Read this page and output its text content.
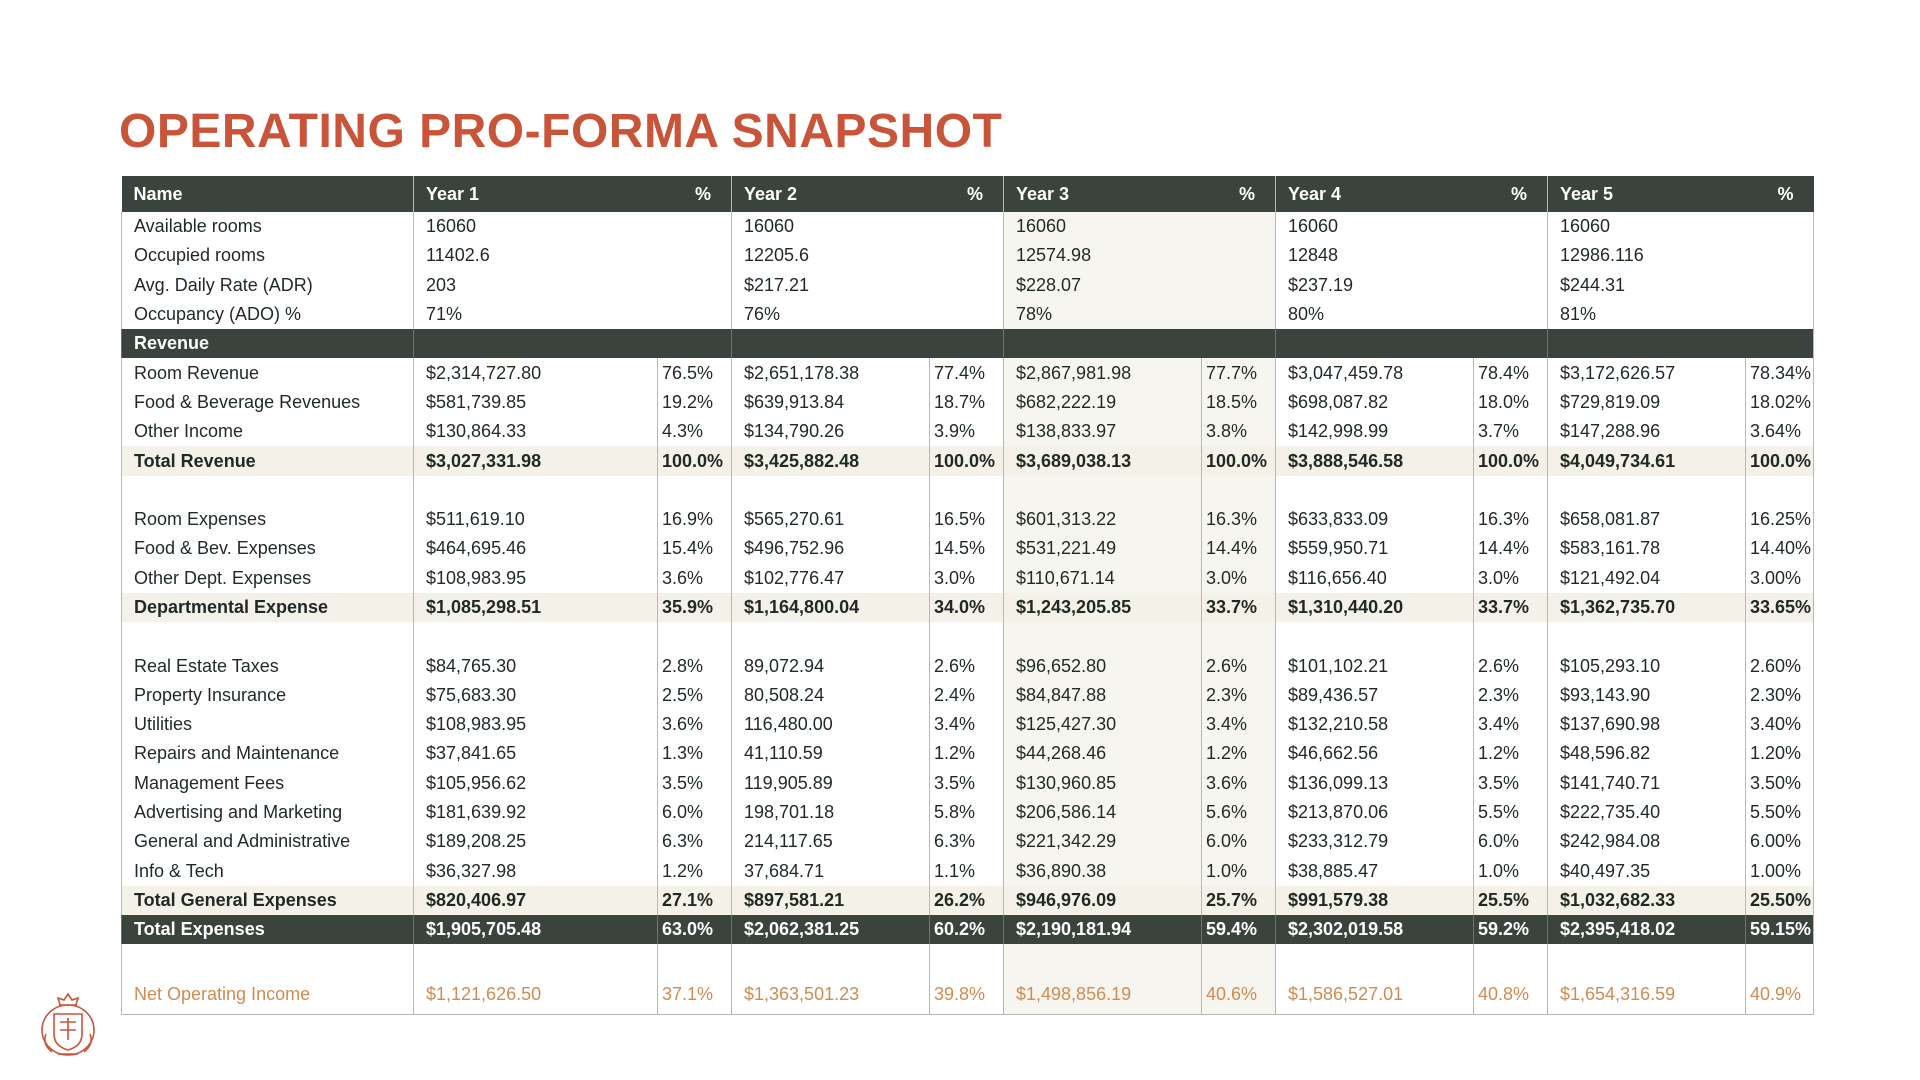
OPERATING PRO-FORMA SNAPSHOT
Name	Year 1	%	Year 2	%	Year 3	%	Year 4	%	Year 5	%
Available rooms	16060		16060		16060		16060		16060	
Occupied rooms	11402.6		12205.6		12574.98		12848		12986.116	
Avg. Daily Rate (ADR)	203		$217.21		$228.07		$237.19		$244.31	
Occupancy (ADO) %	71%		76%		78%		80%		81%	
Revenue										
Room Revenue	$2,314,727.80	76.5%	$2,651,178.38	77.4%	$2,867,981.98	77.7%	$3,047,459.78	78.4%	$3,172,626.57	78.34%
Food & Beverage Revenues	$581,739.85	19.2%	$639,913.84	18.7%	$682,222.19	18.5%	$698,087.82	18.0%	$729,819.09	18.02%
Other Income	$130,864.33	4.3%	$134,790.26	3.9%	$138,833.97	3.8%	$142,998.99	3.7%	$147,288.96	3.64%
Total Revenue	$3,027,331.98	100.0%	$3,425,882.48	100.0%	$3,689,038.13	100.0%	$3,888,546.58	100.0%	$4,049,734.61	100.0%

Room Expenses	$511,619.10	16.9%	$565,270.61	16.5%	$601,313.22	16.3%	$633,833.09	16.3%	$658,081.87	16.25%
Food & Bev. Expenses	$464,695.46	15.4%	$496,752.96	14.5%	$531,221.49	14.4%	$559,950.71	14.4%	$583,161.78	14.40%
Other Dept. Expenses	$108,983.95	3.6%	$102,776.47	3.0%	$110,671.14	3.0%	$116,656.40	3.0%	$121,492.04	3.00%
Departmental Expense	$1,085,298.51	35.9%	$1,164,800.04	34.0%	$1,243,205.85	33.7%	$1,310,440.20	33.7%	$1,362,735.70	33.65%

Real Estate Taxes	$84,765.30	2.8%	89,072.94	2.6%	$96,652.80	2.6%	$101,102.21	2.6%	$105,293.10	2.60%
Property Insurance	$75,683.30	2.5%	80,508.24	2.4%	$84,847.88	2.3%	$89,436.57	2.3%	$93,143.90	2.30%
Utilities	$108,983.95	3.6%	116,480.00	3.4%	$125,427.30	3.4%	$132,210.58	3.4%	$137,690.98	3.40%
Repairs and Maintenance	$37,841.65	1.3%	41,110.59	1.2%	$44,268.46	1.2%	$46,662.56	1.2%	$48,596.82	1.20%
Management Fees	$105,956.62	3.5%	119,905.89	3.5%	$130,960.85	3.6%	$136,099.13	3.5%	$141,740.71	3.50%
Advertising and Marketing	$181,639.92	6.0%	198,701.18	5.8%	$206,586.14	5.6%	$213,870.06	5.5%	$222,735.40	5.50%
General and Administrative	$189,208.25	6.3%	214,117.65	6.3%	$221,342.29	6.0%	$233,312.79	6.0%	$242,984.08	6.00%
Info & Tech	$36,327.98	1.2%	37,684.71	1.1%	$36,890.38	1.0%	$38,885.47	1.0%	$40,497.35	1.00%
Total General Expenses	$820,406.97	27.1%	$897,581.21	26.2%	$946,976.09	25.7%	$991,579.38	25.5%	$1,032,682.33	25.50%
Total Expenses	$1,905,705.48	63.0%	$2,062,381.25	60.2%	$2,190,181.94	59.4%	$2,302,019.58	59.2%	$2,395,418.02	59.15%

Net Operating Income	$1,121,626.50	37.1%	$1,363,501.23	39.8%	$1,498,856.19	40.6%	$1,586,527.01	40.8%	$1,654,316.59	40.9%
